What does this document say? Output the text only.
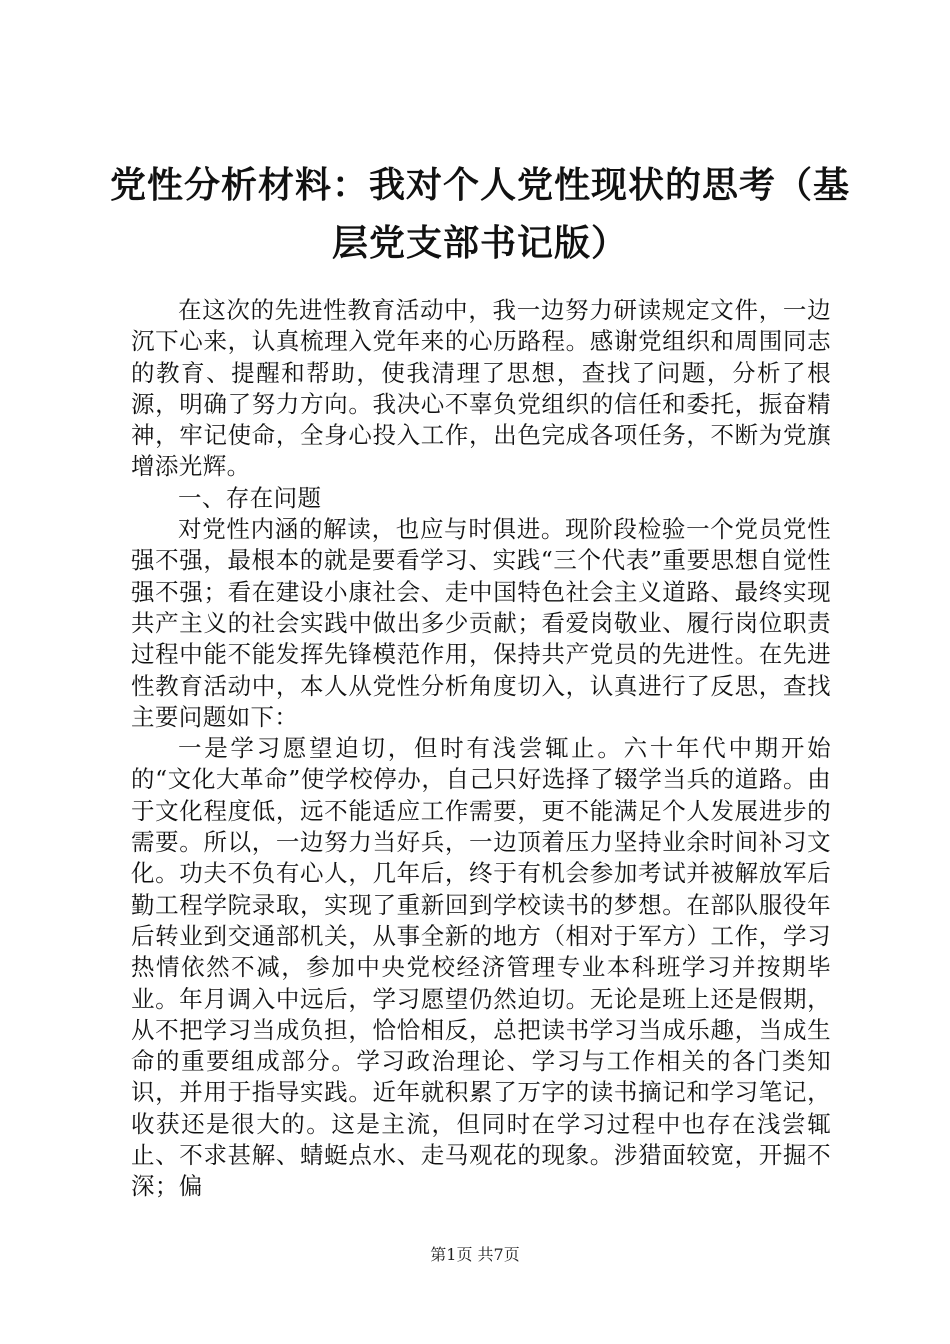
党性分析材料：我对个人党性现状的思考（基层党支部书记版）

在这次的先进性教育活动中，我一边努力研读规定文件，一边沉下心来，认真梳理入党年来的心历路程。感谢党组织和周围同志的教育、提醒和帮助，使我清理了思想，查找了问题，分析了根源，明确了努力方向。我决心不辜负党组织的信任和委托，振奋精神，牢记使命，全身心投入工作，出色完成各项任务，不断为党旗增添光辉。

一、存在问题

对党性内涵的解读，也应与时俱进。现阶段检验一个党员党性强不强，最根本的就是要看学习、实践“三个代表”重要思想自觉性强不强；看在建设小康社会、走中国特色社会主义道路、最终实现共产主义的社会实践中做出多少贡献；看爱岗敬业、履行岗位职责过程中能不能发挥先锋模范作用，保持共产党员的先进性。在先进性教育活动中，本人从党性分析角度切入，认真进行了反思，查找主要问题如下：

一是学习愿望迫切，但时有浅尝辄止。六十年代中期开始的“文化大革命”使学校停办，自己只好选择了辍学当兵的道路。由于文化程度低，远不能适应工作需要，更不能满足个人发展进步的需要。所以，一边努力当好兵，一边顶着压力坚持业余时间补习文化。功夫不负有心人，几年后，终于有机会参加考试并被解放军后勤工程学院录取，实现了重新回到学校读书的梦想。在部队服役年后转业到交通部机关，从事全新的地方（相对于军方）工作，学习热情依然不减，参加中央党校经济管理专业本科班学习并按期毕业。年月调入中远后，学习愿望仍然迫切。无论是班上还是假期，从不把学习当成负担，恰恰相反，总把读书学习当成乐趣，当成生命的重要组成部分。学习政治理论、学习与工作相关的各门类知识，并用于指导实践。近年就积累了万字的读书摘记和学习笔记，收获还是很大的。这是主流，但同时在学习过程中也存在浅尝辄止、不求甚解、蜻蜓点水、走马观花的现象。涉猎面较宽，开掘不深；偏

第1页 共7页
